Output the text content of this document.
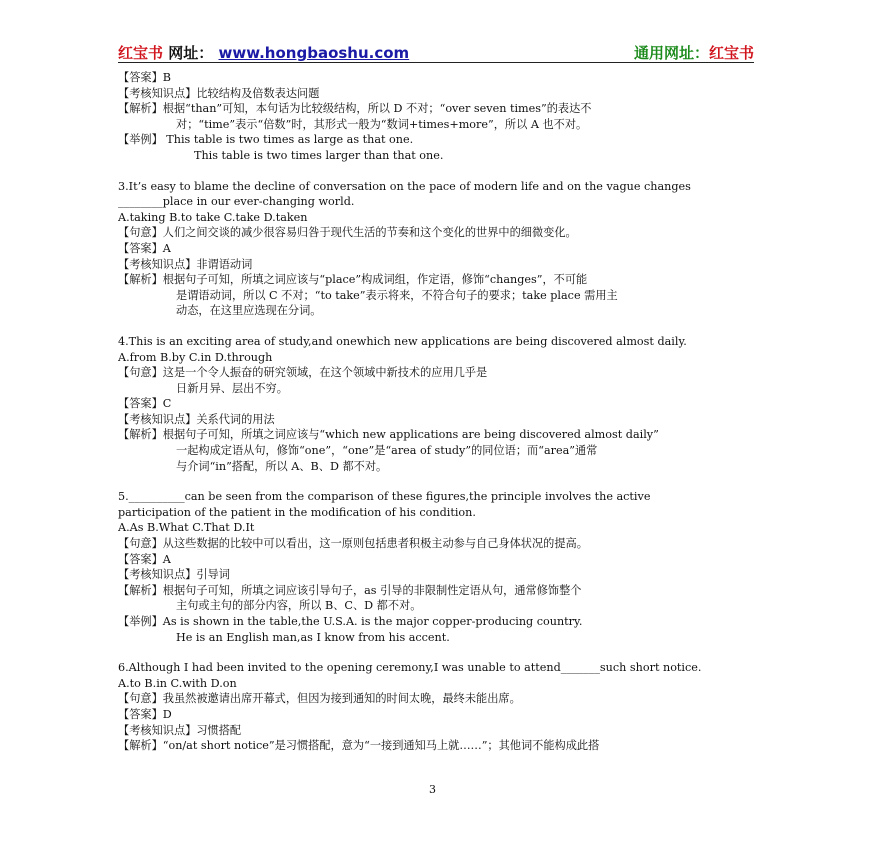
红宝书 网址： www.hongbaoshu.com	通用网址：红宝书
【答案】B
【考核知识点】比较结构及倍数表达问题
【解析】根据“than”可知，本句话为比较级结构，所以 D 不对；“over seven times”的表达不
对；“time”表示“倍数”时，其形式一般为“数词+times+more”，所以 A 也不对。
【举例】 This table is two times as large as that one.
This table is two times larger than that one.
3.It’s easy to blame the decline of conversation on the pace of modern life and on the vague changes
________place in our ever-changing world.
A.taking B.to take C.take D.taken
【句意】人们之间交谈的减少很容易归咎于现代生活的节奏和这个变化的世界中的细微变化。
【答案】A
【考核知识点】非谓语动词
【解析】根据句子可知，所填之词应该与“place”构成词组，作定语，修饰“changes”，不可能
是谓语动词，所以 C 不对；“to take”表示将来，不符合句子的要求；take place 需用主
动态，在这里应选现在分词。
4.This is an exciting area of study,and onewhich new applications are being discovered almost daily.
A.from B.by C.in D.through
【句意】这是一个令人振奋的研究领域，在这个领域中新技术的应用几乎是
日新月异、层出不穷。
【答案】C
【考核知识点】关系代词的用法
【解析】根据句子可知，所填之词应该与“which new applications are being discovered almost daily”
一起构成定语从句，修饰“one”，“one”是“area of study”的同位语；而“area”通常
与介词“in”搭配，所以 A、B、D 都不对。
5.__________can be seen from the comparison of these figures,the principle involves the active
participation of the patient in the modification of his condition.
A.As B.What C.That D.It
【句意】从这些数据的比较中可以看出，这一原则包括患者积极主动参与自己身体状况的提高。
【答案】A
【考核知识点】引导词
【解析】根据句子可知，所填之词应该引导句子，as 引导的非限制性定语从句，通常修饰整个
主句或主句的部分内容，所以 B、C、D 都不对。
【举例】As is shown in the table,the U.S.A. is the major copper-producing country.
He is an English man,as I know from his accent.
6.Although I had been invited to the opening ceremony,I was unable to attend_______such short notice.
A.to B.in C.with D.on
【句意】我虽然被邀请出席开幕式，但因为接到通知的时间太晚，最终未能出席。
【答案】D
【考核知识点】习惯搭配
【解析】“on/at short notice”是习惯搭配，意为“一接到通知马上就……”；其他词不能构成此搭
3
